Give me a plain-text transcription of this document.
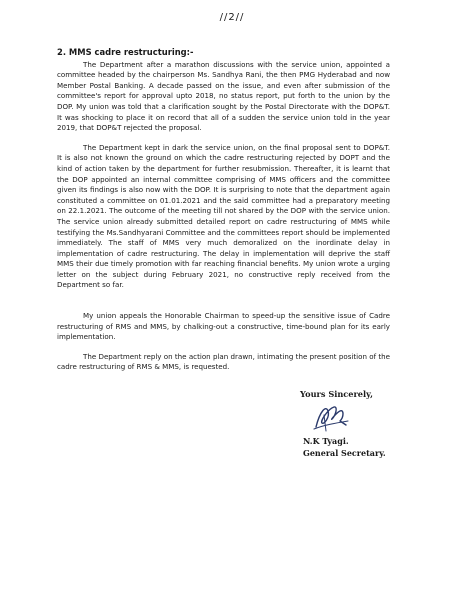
//2//

2. MMS cadre restructuring:-

The Department after a marathon discussions with the service union, appointed a committee headed by the chairperson Ms. Sandhya Rani, the then PMG Hyderabad and now Member Postal Banking. A decade passed on the issue, and even after submission of the committee's report for approval upto 2018, no status report, put forth to the union by the DOP. My union was told that a clarification sought by the Postal Directorate with the DOP&T. It was shocking to place it on record that all of a sudden the service union told in the year 2019, that DOP&T rejected the proposal.

The Department kept in dark the service union, on the final proposal sent to DOP&T. It is also not known the ground on which the cadre restructuring rejected by DOPT and the kind of action taken by the department for further resubmission. Thereafter, it is learnt that the DOP appointed an internal committee comprising of MMS officers and the committee given its findings is also now with the DOP. It is surprising to note that the department again constituted a committee on 01.01.2021 and the said committee had a preparatory meeting on 22.1.2021. The outcome of the meeting till not shared by the DOP with the service union. The service union already submitted detailed report on cadre restructuring of MMS while testifying the Ms.Sandhyarani Committee and the committees report should be implemented immediately. The staff of MMS very much demoralized on the inordinate delay in implementation of cadre restructuring. The delay in implementation will deprive the staff MMS their due timely promotion with far reaching financial benefits. My union wrote a urging letter on the subject during February 2021, no constructive reply received from the Department so far.

My union appeals the Honorable Chairman to speed-up the sensitive issue of Cadre restructuring of RMS and MMS, by chalking-out a constructive, time-bound plan for its early implementation.

The Department reply on the action plan drawn, intimating the present position of the cadre restructuring of RMS & MMS, is requested.

Yours Sincerely,

N.K Tyagi.

General Secretary.
